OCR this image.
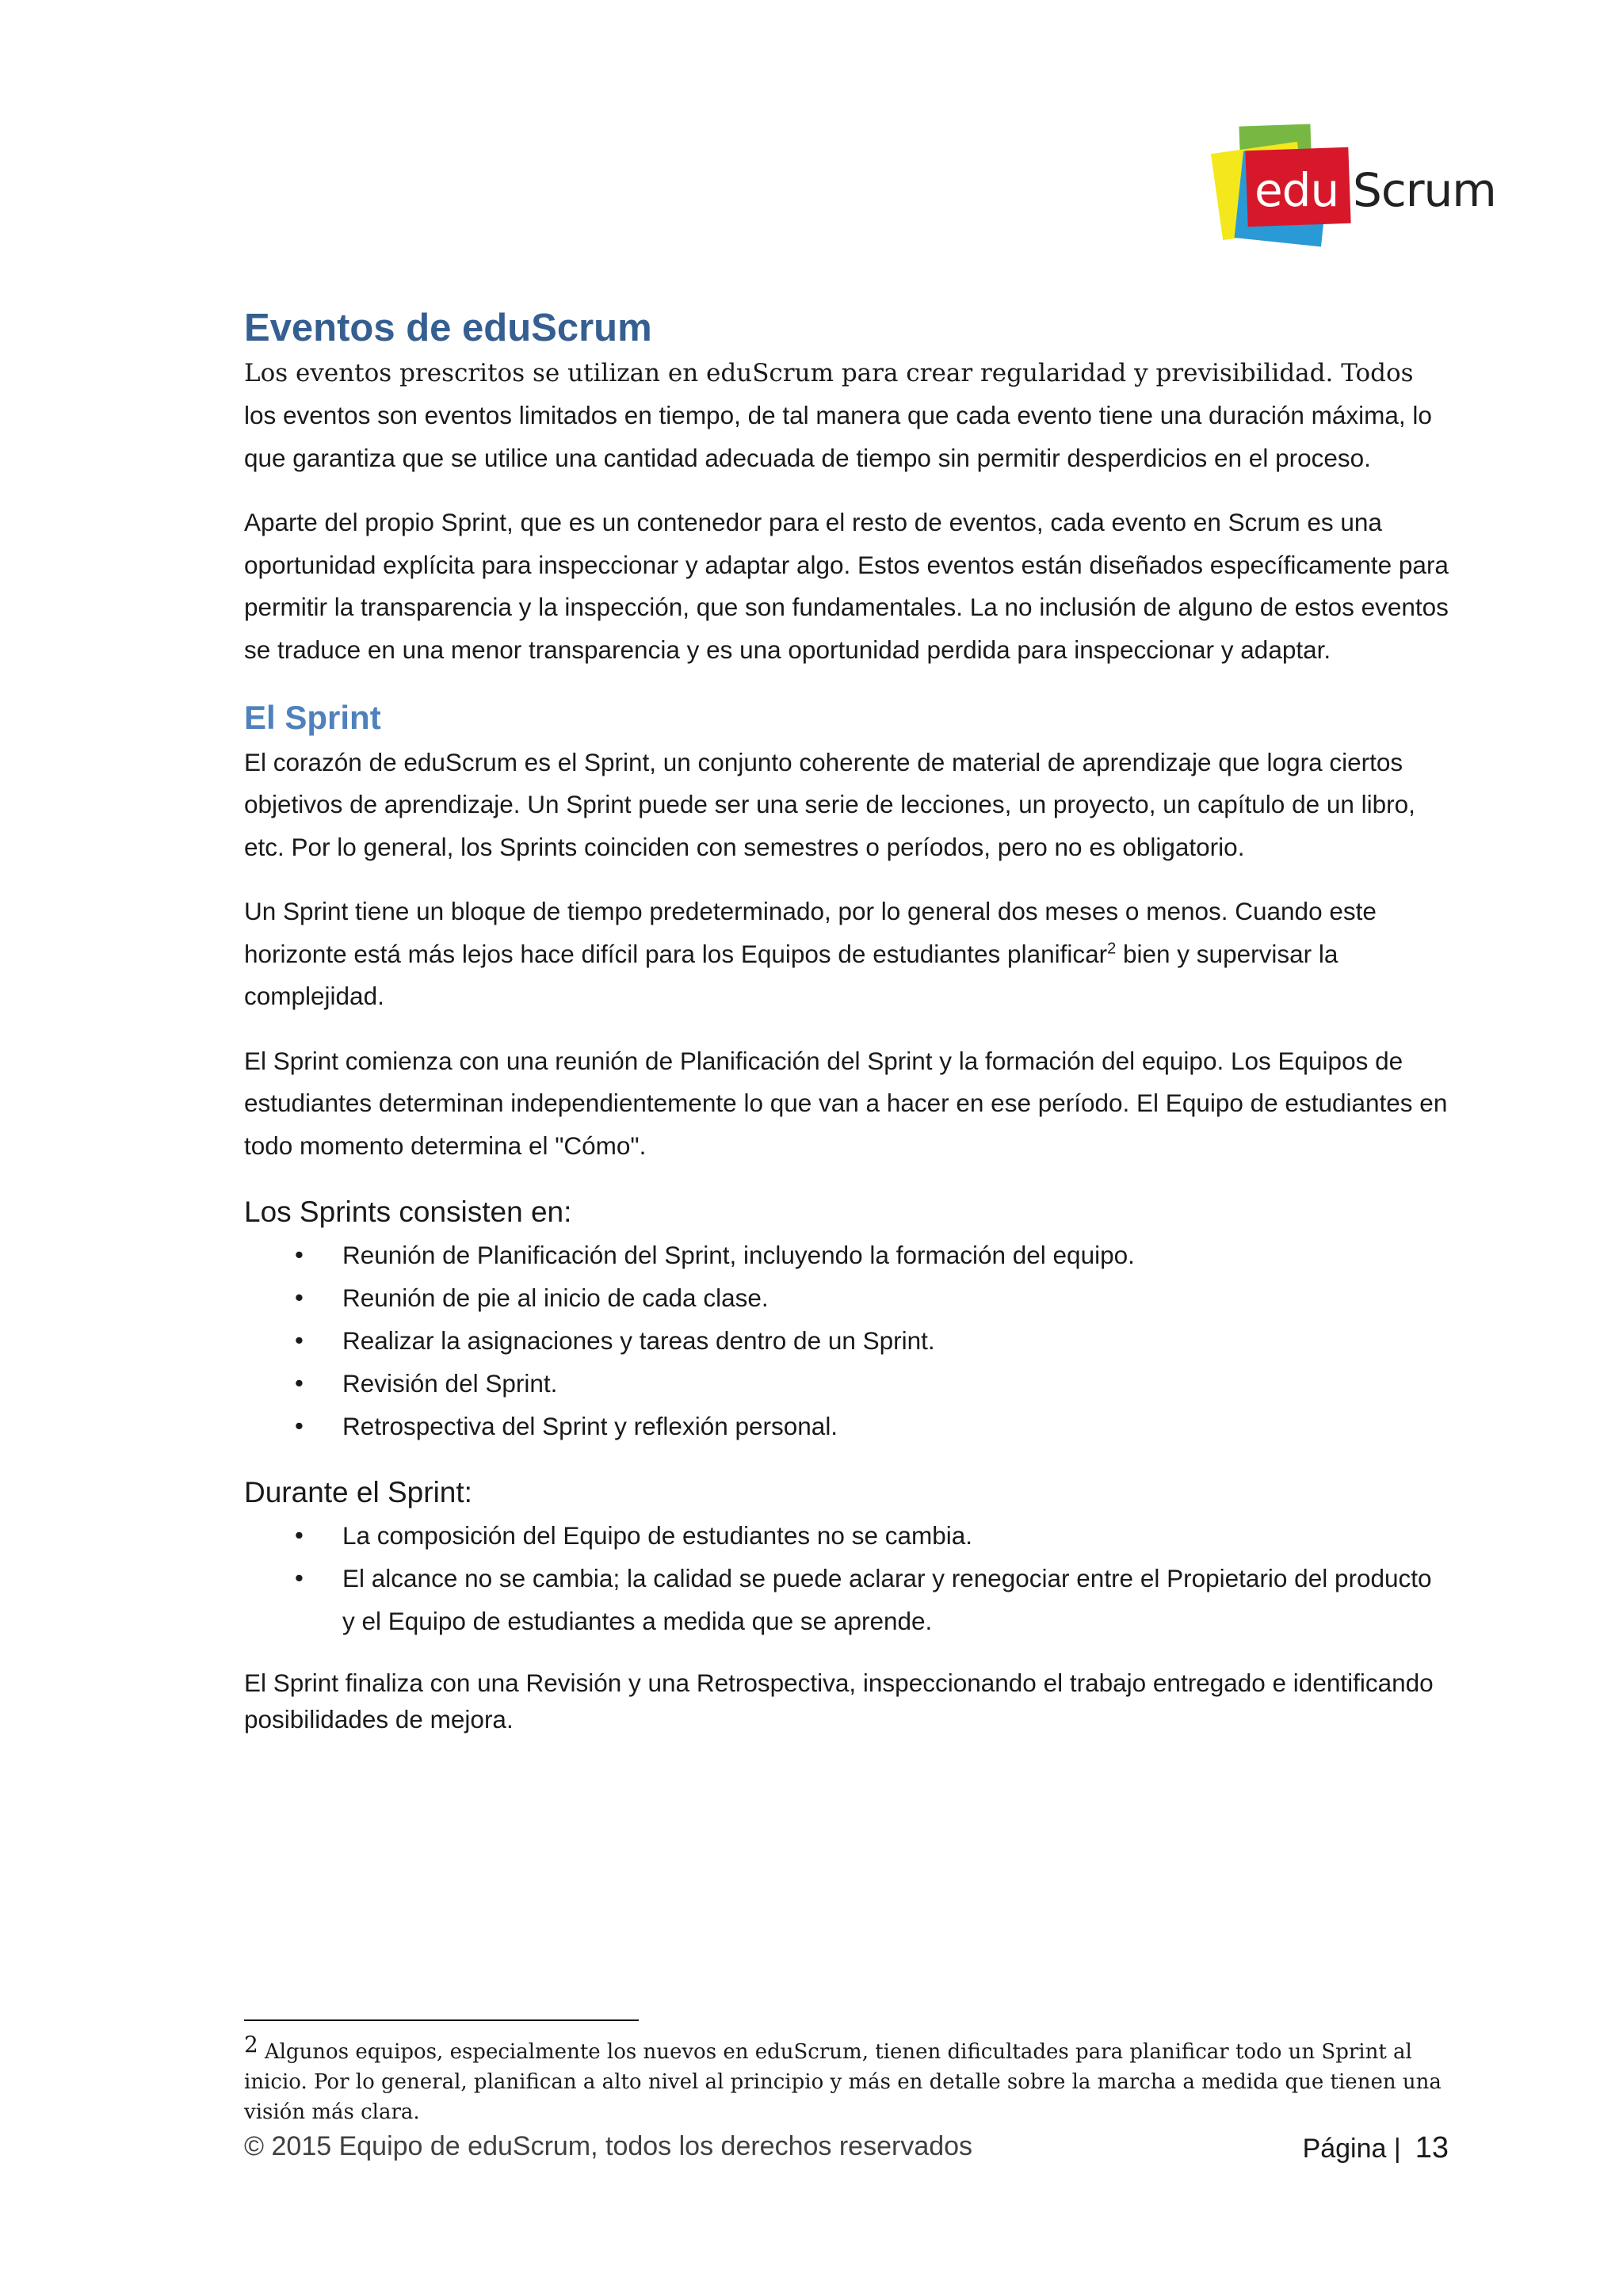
edu Scrum
Eventos de eduScrum

Los eventos prescritos se utilizan en eduScrum para crear regularidad y previsibilidad. Todos los eventos son eventos limitados en tiempo, de tal manera que cada evento tiene una duración máxima, lo que garantiza que se utilice una cantidad adecuada de tiempo sin permitir desperdicios en el proceso.

Aparte del propio Sprint, que es un contenedor para el resto de eventos, cada evento en Scrum es una oportunidad explícita para inspeccionar y adaptar algo. Estos eventos están diseñados específicamente para permitir la transparencia y la inspección, que son fundamentales. La no inclusión de alguno de estos eventos se traduce en una menor transparencia y es una oportunidad perdida para inspeccionar y adaptar.

El Sprint

El corazón de eduScrum es el Sprint, un conjunto coherente de material de aprendizaje que logra ciertos objetivos de aprendizaje. Un Sprint puede ser una serie de lecciones, un proyecto, un capítulo de un libro, etc. Por lo general, los Sprints coinciden con semestres o períodos, pero no es obligatorio.

Un Sprint tiene un bloque de tiempo predeterminado, por lo general dos meses o menos. Cuando este horizonte está más lejos hace difícil para los Equipos de estudiantes planificar$^2$ bien y supervisar la complejidad.

El Sprint comienza con una reunión de Planificación del Sprint y la formación del equipo. Los Equipos de estudiantes determinan independientemente lo que van a hacer en ese período. El Equipo de estudiantes en todo momento determina el "Cómo".

Los Sprints consisten en:
• Reunión de Planificación del Sprint, incluyendo la formación del equipo.
• Reunión de pie al inicio de cada clase.
• Realizar la asignaciones y tareas dentro de un Sprint.
• Revisión del Sprint.
• Retrospectiva del Sprint y reflexión personal.
Durante el Sprint:
• La composición del Equipo de estudiantes no se cambia.
• El alcance no se cambia; la calidad se puede aclarar y renegociar entre el Propietario del producto y el Equipo de estudiantes a medida que se aprende.

El Sprint finaliza con una Revisión y una Retrospectiva, inspeccionando el trabajo entregado e identificando posibilidades de mejora.

2 Algunos equipos, especialmente los nuevos en eduScrum, tienen dificultades para planificar todo un Sprint al inicio. Por lo general, planifican a alto nivel al principio y más en detalle sobre la marcha a medida que tienen una visión más clara.
© 2015 Equipo de eduScrum, todos los derechos reservados	Página | 13
